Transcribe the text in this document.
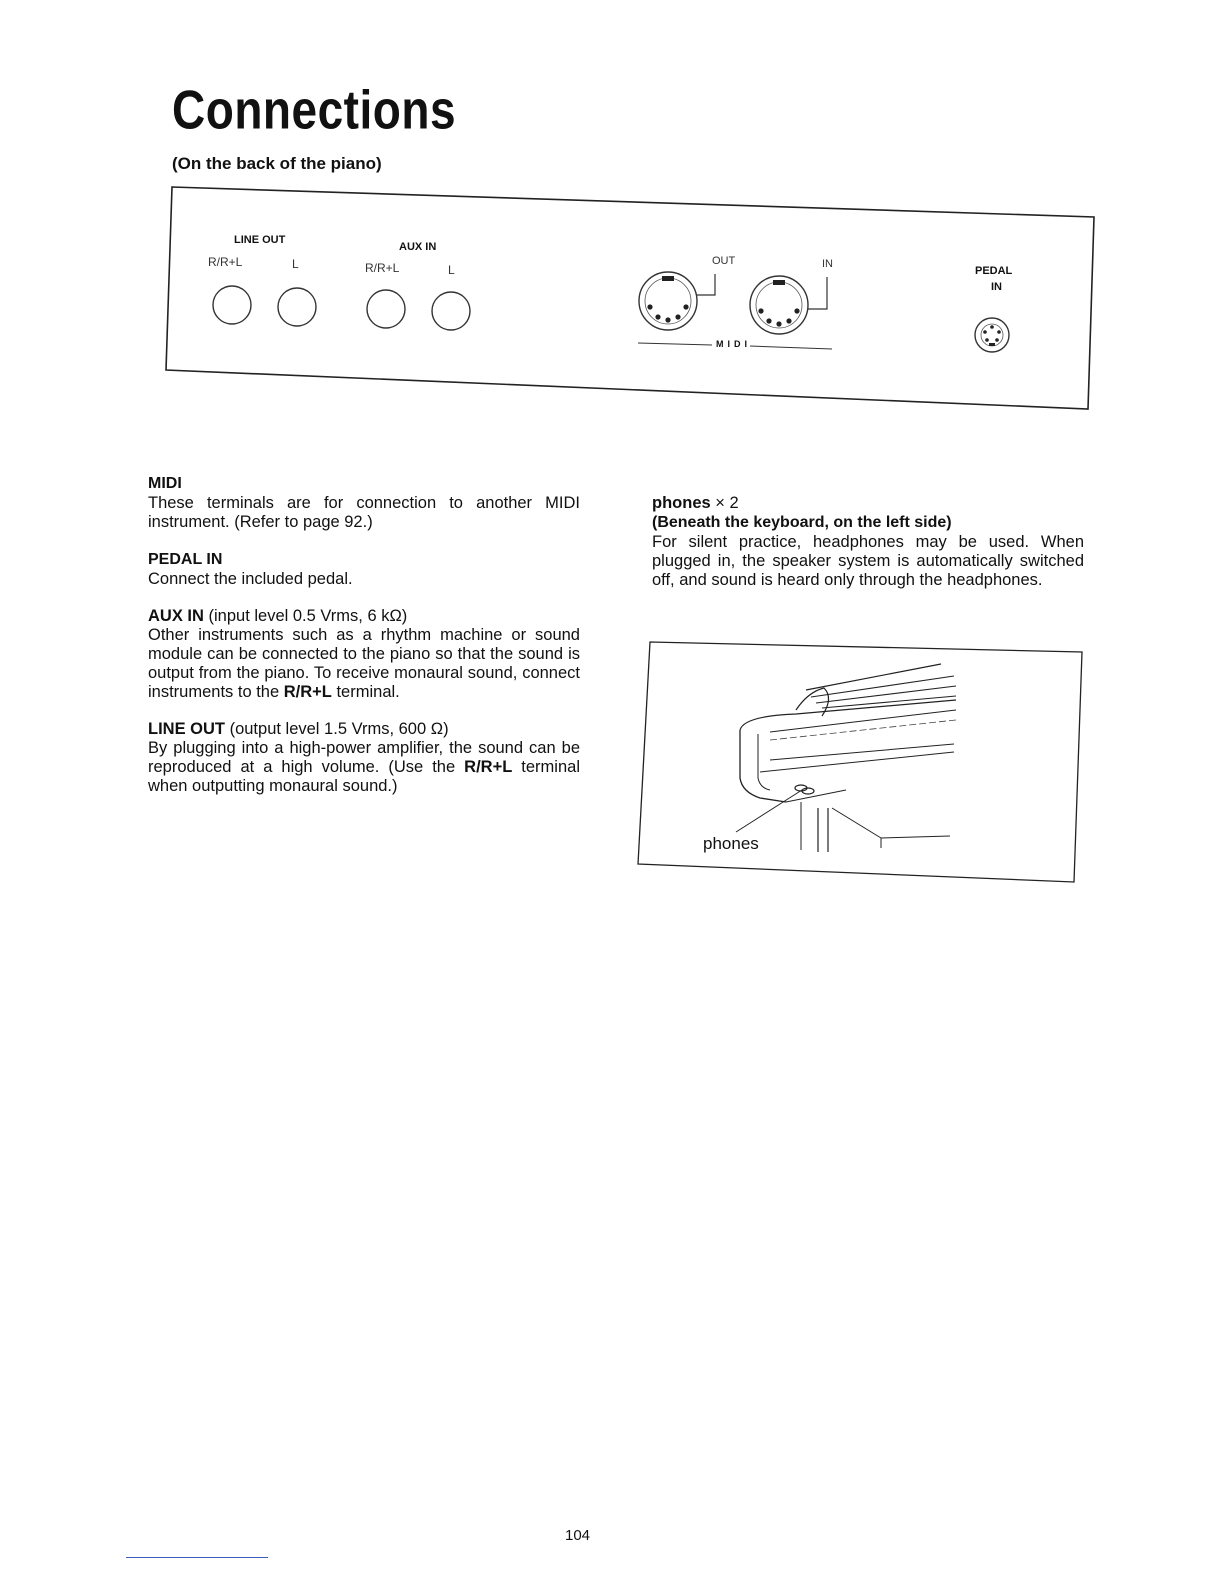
Connections
(On the back of the piano)
LINE OUT
R/R+L	L
AUX IN
R/R+L	L
OUT	IN
MIDI
PEDAL
IN

MIDI

These terminals are for connection to another MIDI instrument. (Refer to page 92.)

PEDAL IN

Connect the included pedal.

AUX IN (input level 0.5 Vrms, 6 kΩ)

Other instruments such as a rhythm machine or sound module can be connected to the piano so that the sound is output from the piano. To receive monaural sound, connect instruments to the R/R+L terminal.

LINE OUT (output level 1.5 Vrms, 600 Ω)

By plugging into a high-power amplifier, the sound can be reproduced at a high volume. (Use the R/R+L terminal when outputting monaural sound.)

phones × 2

(Beneath the keyboard, on the left side)

For silent practice, headphones may be used. When plugged in, the speaker system is automatically switched off, and sound is heard only through the headphones.

phones
104
